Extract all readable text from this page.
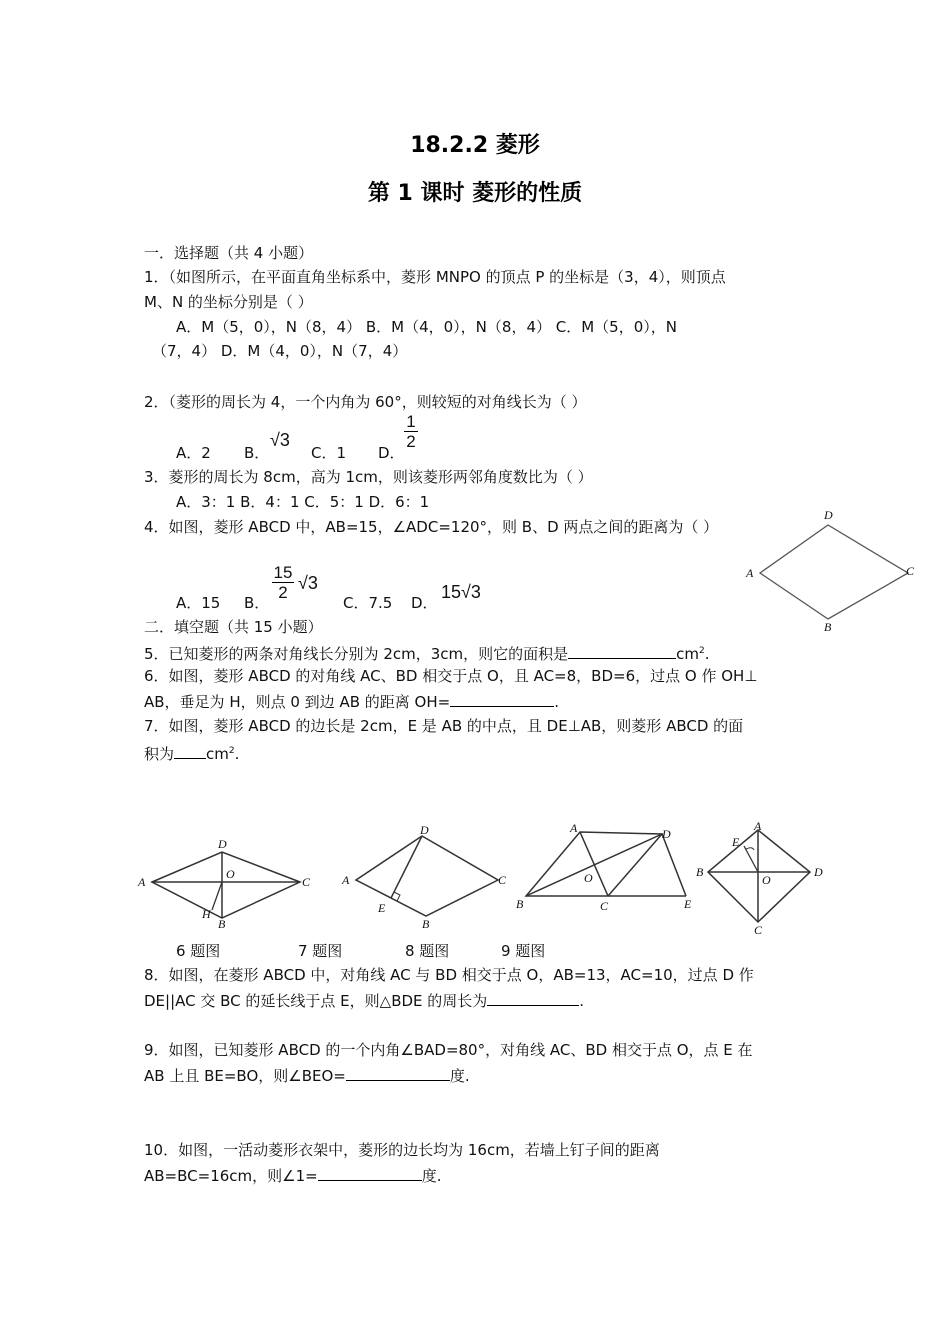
18.2.2 菱形
第 1 课时 菱形的性质
一．选择题（共 4 小题）
1．（如图所示，在平面直角坐标系中，菱形 MNPO 的顶点 P 的坐标是（3，4），则顶点
M、N 的坐标分别是（ ）
A．M（5，0），N（8，4） B．M（4，0），N（8，4） C．M（5，0），N
（7，4） D．M（4，0），N（7，4）
2．（菱形的周长为 4，一个内角为 60°，则较短的对角线长为（ ）
A．2 B．
√3
C．1 D．
1
2
3．菱形的周长为 8cm，高为 1cm，则该菱形两邻角度数比为（ ）
A．3：1 B．4：1 C．5：1 D．6：1
4．如图，菱形 ABCD 中，AB=15，∠ADC=120°，则 B、D 两点之间的距离为（ ）
A．15 B．
15
2 √3
C．7.5 D．
15√3
D
A	C
B
二．填空题（共 15 小题）
5．已知菱形的两条对角线长分别为 2cm，3cm，则它的面积是	$cm^2$.
6．如图，菱形 ABCD 的对角线 AC、BD 相交于点 O，且 AC=8，BD=6，过点 O 作 OH⊥
AB，垂足为 H，则点 0 到边 AB 的距离 OH=	.
7．如图，菱形 ABCD 的边长是 2cm，E 是 AB 的中点，且 DE⊥AB，则菱形 ABCD 的面
积为 $cm^2$.
D
A
O
C
H
B
D
A	C
E
B
A	D
O
B	C	E
A
E
B
O
D
C
6 题图	7 题图	8 题图	9 题图
8．如图，在菱形 ABCD 中，对角线 AC 与 BD 相交于点 O，AB=13，AC=10，过点 D 作
DE||AC 交 BC 的延长线于点 E，则△BDE 的周长为	.
9．如图，已知菱形 ABCD 的一个内角∠BAD=80°，对角线 AC、BD 相交于点 O，点 E 在
AB 上且 BE=BO，则∠BEO=	度.
10．如图，一活动菱形衣架中，菱形的边长均为 16cm，若墙上钉子间的距离
AB=BC=16cm，则∠1=	度.
